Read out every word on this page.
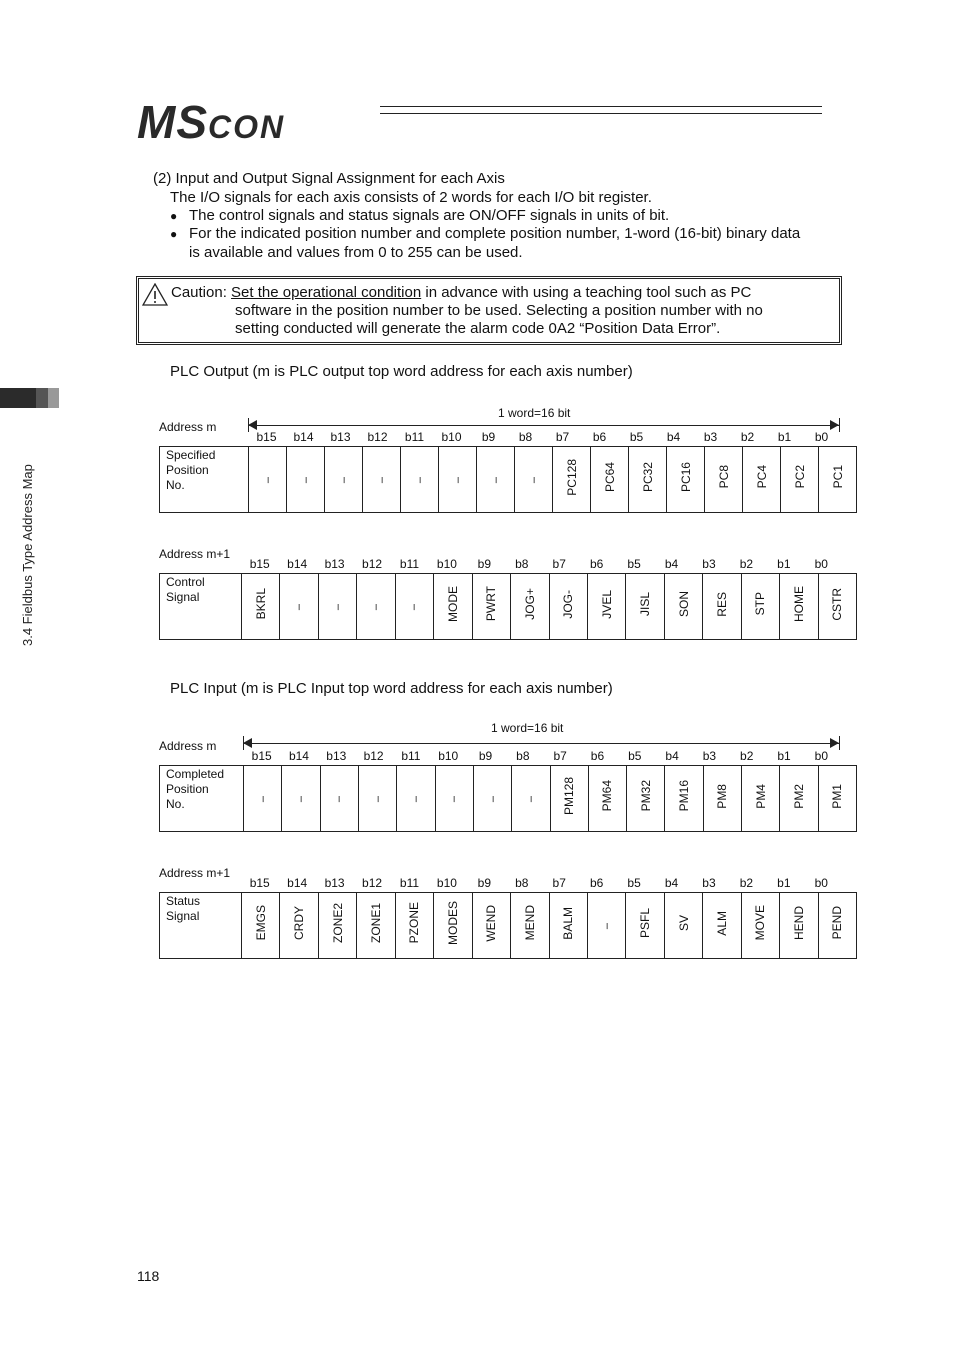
MSCON
3.4 Fieldbus Type Address Map
(2) Input and Output Signal Assignment for each Axis
The I/O signals for each axis consists of 2 words for each I/O bit register.
● The control signals and status signals are ON/OFF signals in units of bit.
● For the indicated position number and complete position number, 1-word (16-bit) binary data
is available and values from 0 to 255 can be used.
Caution: Set the operational condition in advance with using a teaching tool such as PC
software in the position number to be used. Selecting a position number with no
setting conducted will generate the alarm code 0A2 “Position Data Error”.
PLC Output (m is PLC output top word address for each axis number)
1 word=16 bit
Address m
b15	b14	b13	b12	b11	b10	b9	b8	b7	b6	b5	b4	b3	b2	b1	b0
Specified
Position
No.	–	–	–	–	–	–	–	–	PC128	PC64	PC32	PC16	PC8	PC4	PC2	PC1
Address m+1
b15	b14	b13	b12	b11	b10	b9	b8	b7	b6	b5	b4	b3	b2	b1	b0
Control
Signal	BKRL	–	–	–	–	MODE	PWRT	JOG+	JOG-	JVEL	JISL	SON	RES	STP	HOME	CSTR
PLC Input (m is PLC Input top word address for each axis number)
1 word=16 bit
Address m
b15	b14	b13	b12	b11	b10	b9	b8	b7	b6	b5	b4	b3	b2	b1	b0
Completed
Position
No.	–	–	–	–	–	–	–	–	PM128	PM64	PM32	PM16	PM8	PM4	PM2	PM1
Address m+1
b15	b14	b13	b12	b11	b10	b9	b8	b7	b6	b5	b4	b3	b2	b1	b0
Status
Signal	EMGS	CRDY	ZONE2	ZONE1	PZONE	MODES	WEND	MEND	BALM	–	PSFL	SV	ALM	MOVE	HEND	PEND
118
